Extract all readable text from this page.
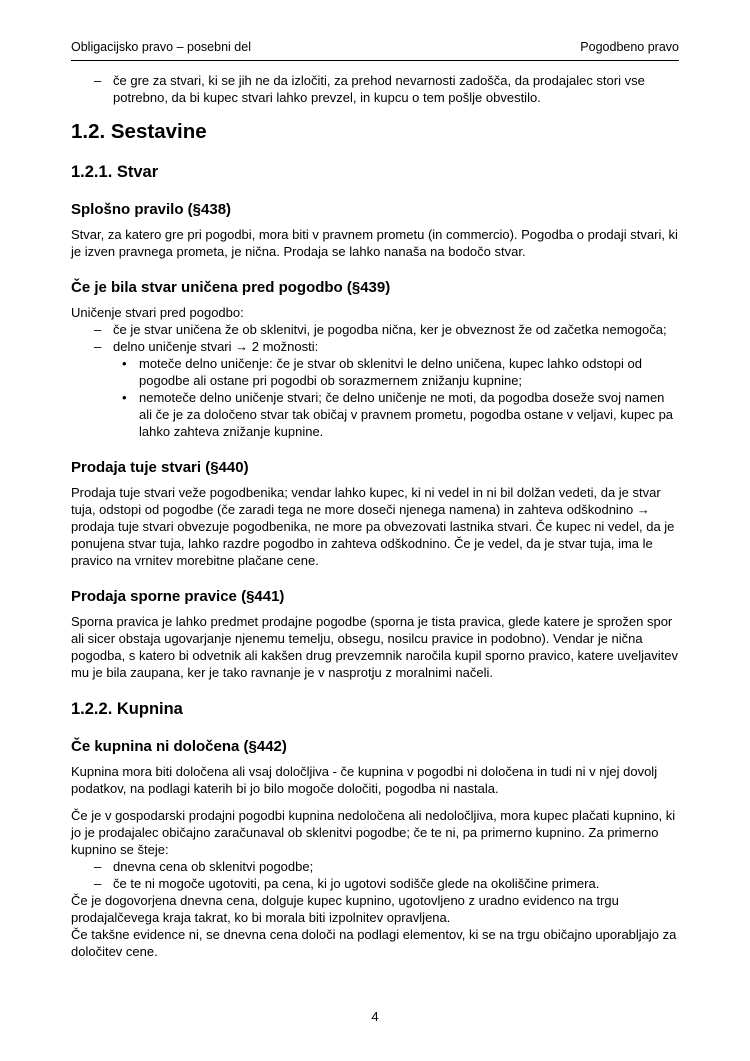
Obligacijsko pravo – posebni del	Pogodbeno pravo
– če gre za stvari, ki se jih ne da izločiti, za prehod nevarnosti zadošča, da prodajalec stori vse potrebno, da bi kupec stvari lahko prevzel, in kupcu o tem pošlje obvestilo.
1.2. Sestavine
1.2.1. Stvar
Splošno pravilo (§438)

Stvar, za katero gre pri pogodbi, mora biti v pravnem prometu (in commercio). Pogodba o prodaji stvari, ki je izven pravnega prometa, je nična. Prodaja se lahko nanaša na bodočo stvar.

Če je bila stvar uničena pred pogodbo (§439)

Uničenje stvari pred pogodbo:

– če je stvar uničena že ob sklenitvi, je pogodba nična, ker je obveznost že od začetka nemogoča;
– delno uničenje stvari → 2 možnosti:
• moteče delno uničenje: če je stvar ob sklenitvi le delno uničena, kupec lahko odstopi od pogodbe ali ostane pri pogodbi ob sorazmernem znižanju kupnine;
• nemoteče delno uničenje stvari; če delno uničenje ne moti, da pogodba doseže svoj namen ali če je za določeno stvar tak običaj v pravnem prometu, pogodba ostane v veljavi, kupec pa lahko zahteva znižanje kupnine.
Prodaja tuje stvari (§440)

Prodaja tuje stvari veže pogodbenika; vendar lahko kupec, ki ni vedel in ni bil dolžan vedeti, da je stvar tuja, odstopi od pogodbe (če zaradi tega ne more doseči njenega namena) in zahteva odškodnino → prodaja tuje stvari obvezuje pogodbenika, ne more pa obvezovati lastnika stvari. Če kupec ni vedel, da je ponujena stvar tuja, lahko razdre pogodbo in zahteva odškodnino. Če je vedel, da je stvar tuja, ima le pravico na vrnitev morebitne plačane cene.

Prodaja sporne pravice (§441)

Sporna pravica je lahko predmet prodajne pogodbe (sporna je tista pravica, glede katere je sprožen spor ali sicer obstaja ugovarjanje njenemu temelju, obsegu, nosilcu pravice in podobno). Vendar je nična pogodba, s katero bi odvetnik ali kakšen drug prevzemnik naročila kupil sporno pravico, katere uveljavitev mu je bila zaupana, ker je tako ravnanje je v nasprotju z moralnimi načeli.

1.2.2. Kupnina
Če kupnina ni določena (§442)

Kupnina mora biti določena ali vsaj določljiva - če kupnina v pogodbi ni določena in tudi ni v njej dovolj podatkov, na podlagi katerih bi jo bilo mogoče določiti, pogodba ni nastala.

Če je v gospodarski prodajni pogodbi kupnina nedoločena ali nedoločljiva, mora kupec plačati kupnino, ki jo je prodajalec običajno zaračunaval ob sklenitvi pogodbe; če te ni, pa primerno kupnino. Za primerno kupnino se šteje:

– dnevna cena ob sklenitvi pogodbe;
– če te ni mogoče ugotoviti, pa cena, ki jo ugotovi sodišče glede na okoliščine primera.

Če je dogovorjena dnevna cena, dolguje kupec kupnino, ugotovljeno z uradno evidenco na trgu prodajalčevega kraja takrat, ko bi morala biti izpolnitev opravljena.

Če takšne evidence ni, se dnevna cena določi na podlagi elementov, ki se na trgu običajno uporabljajo za določitev cene.

4
